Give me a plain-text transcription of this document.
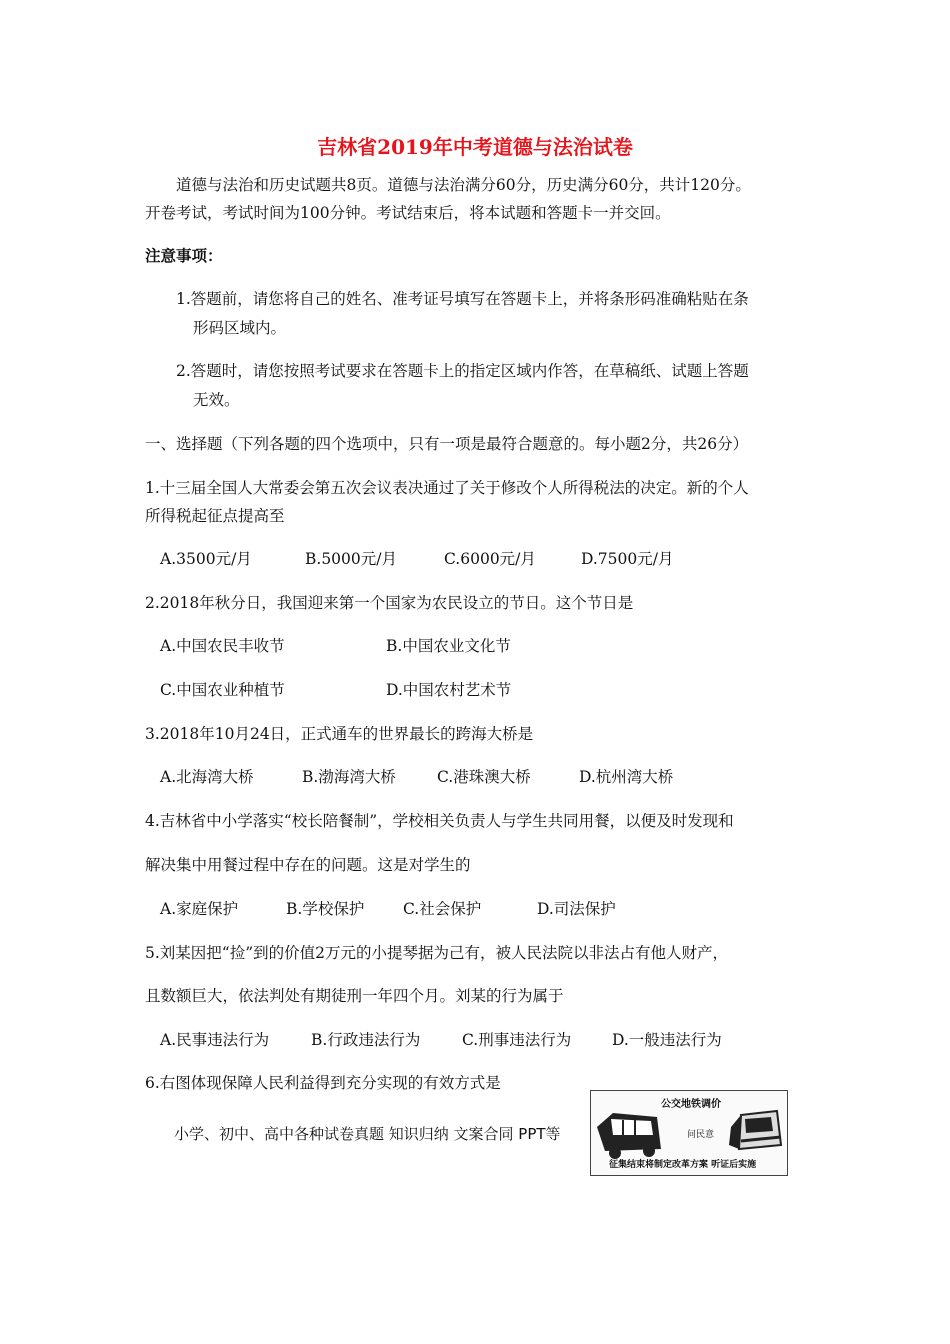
吉林省2019年中考道德与法治试卷
道德与法治和历史试题共8页。道德与法治满分60分，历史满分60分，共计120分。
开卷考试，考试时间为100分钟。考试结束后，将本试题和答题卡一并交回。
注意事项：
1.答题前，请您将自己的姓名、准考证号填写在答题卡上，并将条形码准确粘贴在条
形码区域内。
2.答题时，请您按照考试要求在答题卡上的指定区域内作答，在草稿纸、试题上答题
无效。
一、选择题（下列各题的四个选项中，只有一项是最符合题意的。每小题2分，共26分）
1.十三届全国人大常委会第五次会议表决通过了关于修改个人所得税法的决定。新的个人
所得税起征点提高至
A.3500元/月	B.5000元/月	C.6000元/月	D.7500元/月
2.2018年秋分日，我国迎来第一个国家为农民设立的节日。这个节日是
A.中国农民丰收节	B.中国农业文化节
C.中国农业种植节	D.中国农村艺术节
3.2018年10月24日，正式通车的世界最长的跨海大桥是
A.北海湾大桥	B.渤海湾大桥	C.港珠澳大桥	D.杭州湾大桥
4.吉林省中小学落实“校长陪餐制”，学校相关负责人与学生共同用餐，以便及时发现和
解决集中用餐过程中存在的问题。这是对学生的
A.家庭保护	B.学校保护 C.社会保护	D.司法保护
5.刘某因把“捡”到的价值2万元的小提琴据为己有，被人民法院以非法占有他人财产，
且数额巨大，依法判处有期徒刑一年四个月。刘某的行为属于
A.民事违法行为	B.行政违法行为	C.刑事违法行为	D.一般违法行为
6.右图体现保障人民利益得到充分实现的有效方式是
小学、初中、高中各种试卷真题 知识归纳 文案合同 PPT等
公交地铁调价
问民意
征集结束将制定改革方案 听证后实施
